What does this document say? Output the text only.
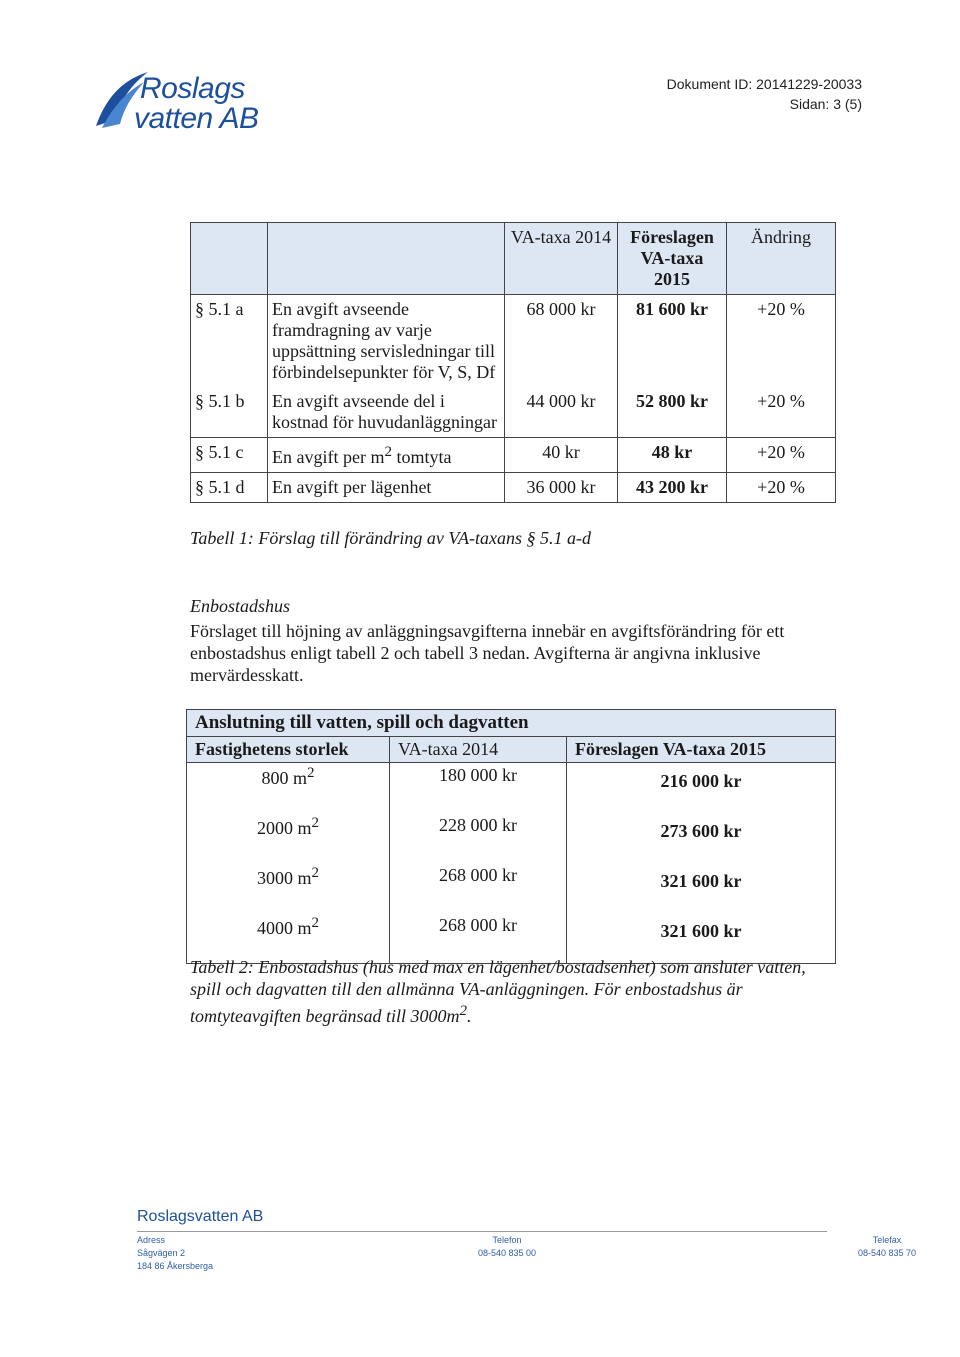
Roslags
vatten AB
Dokument ID: 20141229-20033
Sidan: 3 (5)
		VA-taxa 2014	Föreslagen VA-taxa 2015	Ändring
§ 5.1 a	En avgift avseende framdragning av varje uppsättning servisledningar till förbindelsepunkter för V, S, Df	68 000 kr	81 600 kr	+20 %
§ 5.1 b	En avgift avseende del i kostnad för huvudanläggningar	44 000 kr	52 800 kr	+20 %
§ 5.1 c	En avgift per $m^2$ tomtyta	40 kr	48 kr	+20 %
§ 5.1 d	En avgift per lägenhet	36 000 kr	43 200 kr	+20 %
Tabell 1: Förslag till förändring av VA-taxans § 5.1 a-d
Enbostadshus
Förslaget till höjning av anläggningsavgifterna innebär en avgiftsförändring för ett enbostadshus enligt tabell 2 och tabell 3 nedan. Avgifterna är angivna inklusive mervärdesskatt.
Anslutning till vatten, spill och dagvatten		
Fastighetens storlek	VA-taxa 2014	Föreslagen VA-taxa 2015
800 $m^2$	180 000 kr	216 000 kr
2000 $m^2$	228 000 kr	273 600 kr
3000 $m^2$	268 000 kr	321 600 kr
4000 $m^2$	268 000 kr	321 600 kr
Tabell 2: Enbostadshus (hus med max en lägenhet/bostadsenhet) som ansluter vatten, spill och dagvatten till den allmänna VA-anläggningen. För enbostadshus är tomtyteavgiften begränsad till $3000m^2$.
Roslagsvatten AB
Adress
Sågvägen 2
184 86 Åkersberga
Telefon
08-540 835 00
Telefax
08-540 835 70
